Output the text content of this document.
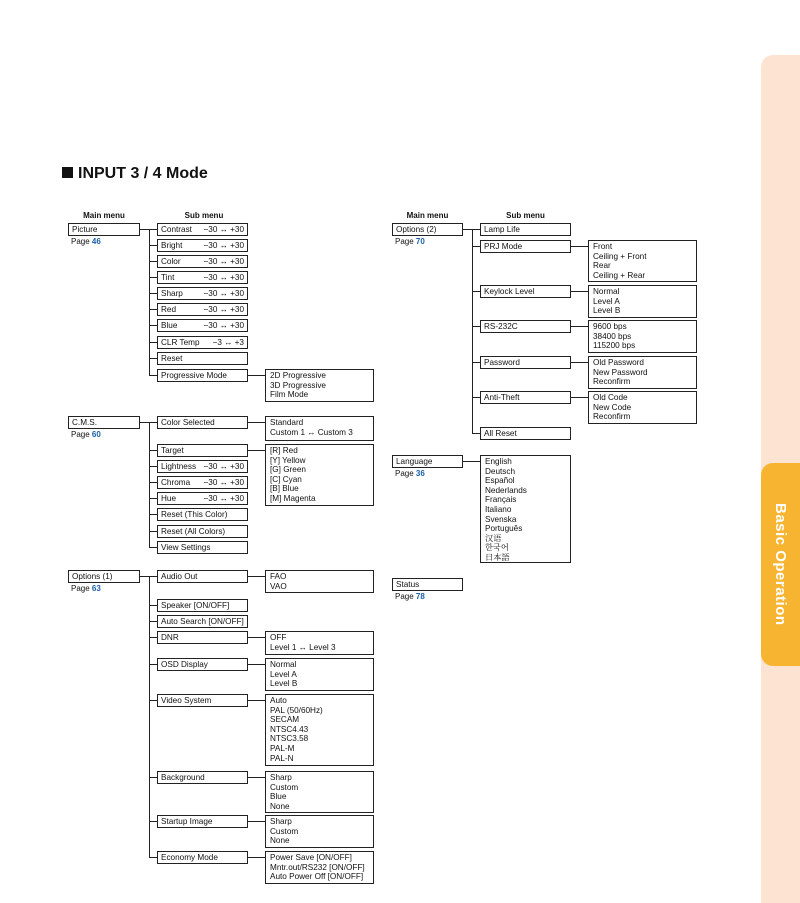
Basic Operation
INPUT 3 / 4 Mode
Main menu	Sub menu	Main menu	Sub menu
Picture
Page 46
Contrast −30 ↔ +30
Bright	−30 ↔ +30
Color	−30 ↔ +30
Tint	−30 ↔ +30
Sharp	−30 ↔ +30
Red	−30 ↔ +30
Blue	−30 ↔ +30
CLR Temp −3 ↔ +3
Reset
Progressive Mode	2D Progressive
3D Progressive
Film Mode
C.M.S.
Page 60
Color Selected	Standard
Custom 1 ↔ Custom 3
Target	[R] Red
[Y] Yellow
[G] Green
[C] Cyan
[B] Blue
[M] Magenta
Lightness −30 ↔ +30
Chroma −30 ↔ +30
Hue	−30 ↔ +30
Reset (This Color)
Reset (All Colors)
View Settings
Options (1)
Page 63
Audio Out	FAO
VAO
Speaker [ON/OFF]
Auto Search [ON/OFF]
DNR	OFF
Level 1 ↔ Level 3
OSD Display	Normal
Level A
Level B
Video System	Auto
PAL (50/60Hz)
SECAM
NTSC4.43
NTSC3.58
PAL-M
PAL-N
Background	Sharp
Custom
Blue
None
Startup Image	Sharp
Custom
None
Economy Mode	Power Save [ON/OFF]
Mntr.out/RS232 [ON/OFF]
Auto Power Off [ON/OFF]
Options (2)
Page 70
Lamp Life
PRJ Mode	Front
Ceiling + Front
Rear
Ceiling + Rear
Keylock Level	Normal
Level A
Level B
RS-232C	9600 bps
38400 bps
115200 bps
Password	Old Password
New Password
Reconfirm
Anti-Theft	Old Code
New Code
Reconfirm
All Reset
Language
Page 36
English
Deutsch
Español
Nederlands
Français
Italiano
Svenska
Português
汉语
한국어
日本語
Status
Page 78
